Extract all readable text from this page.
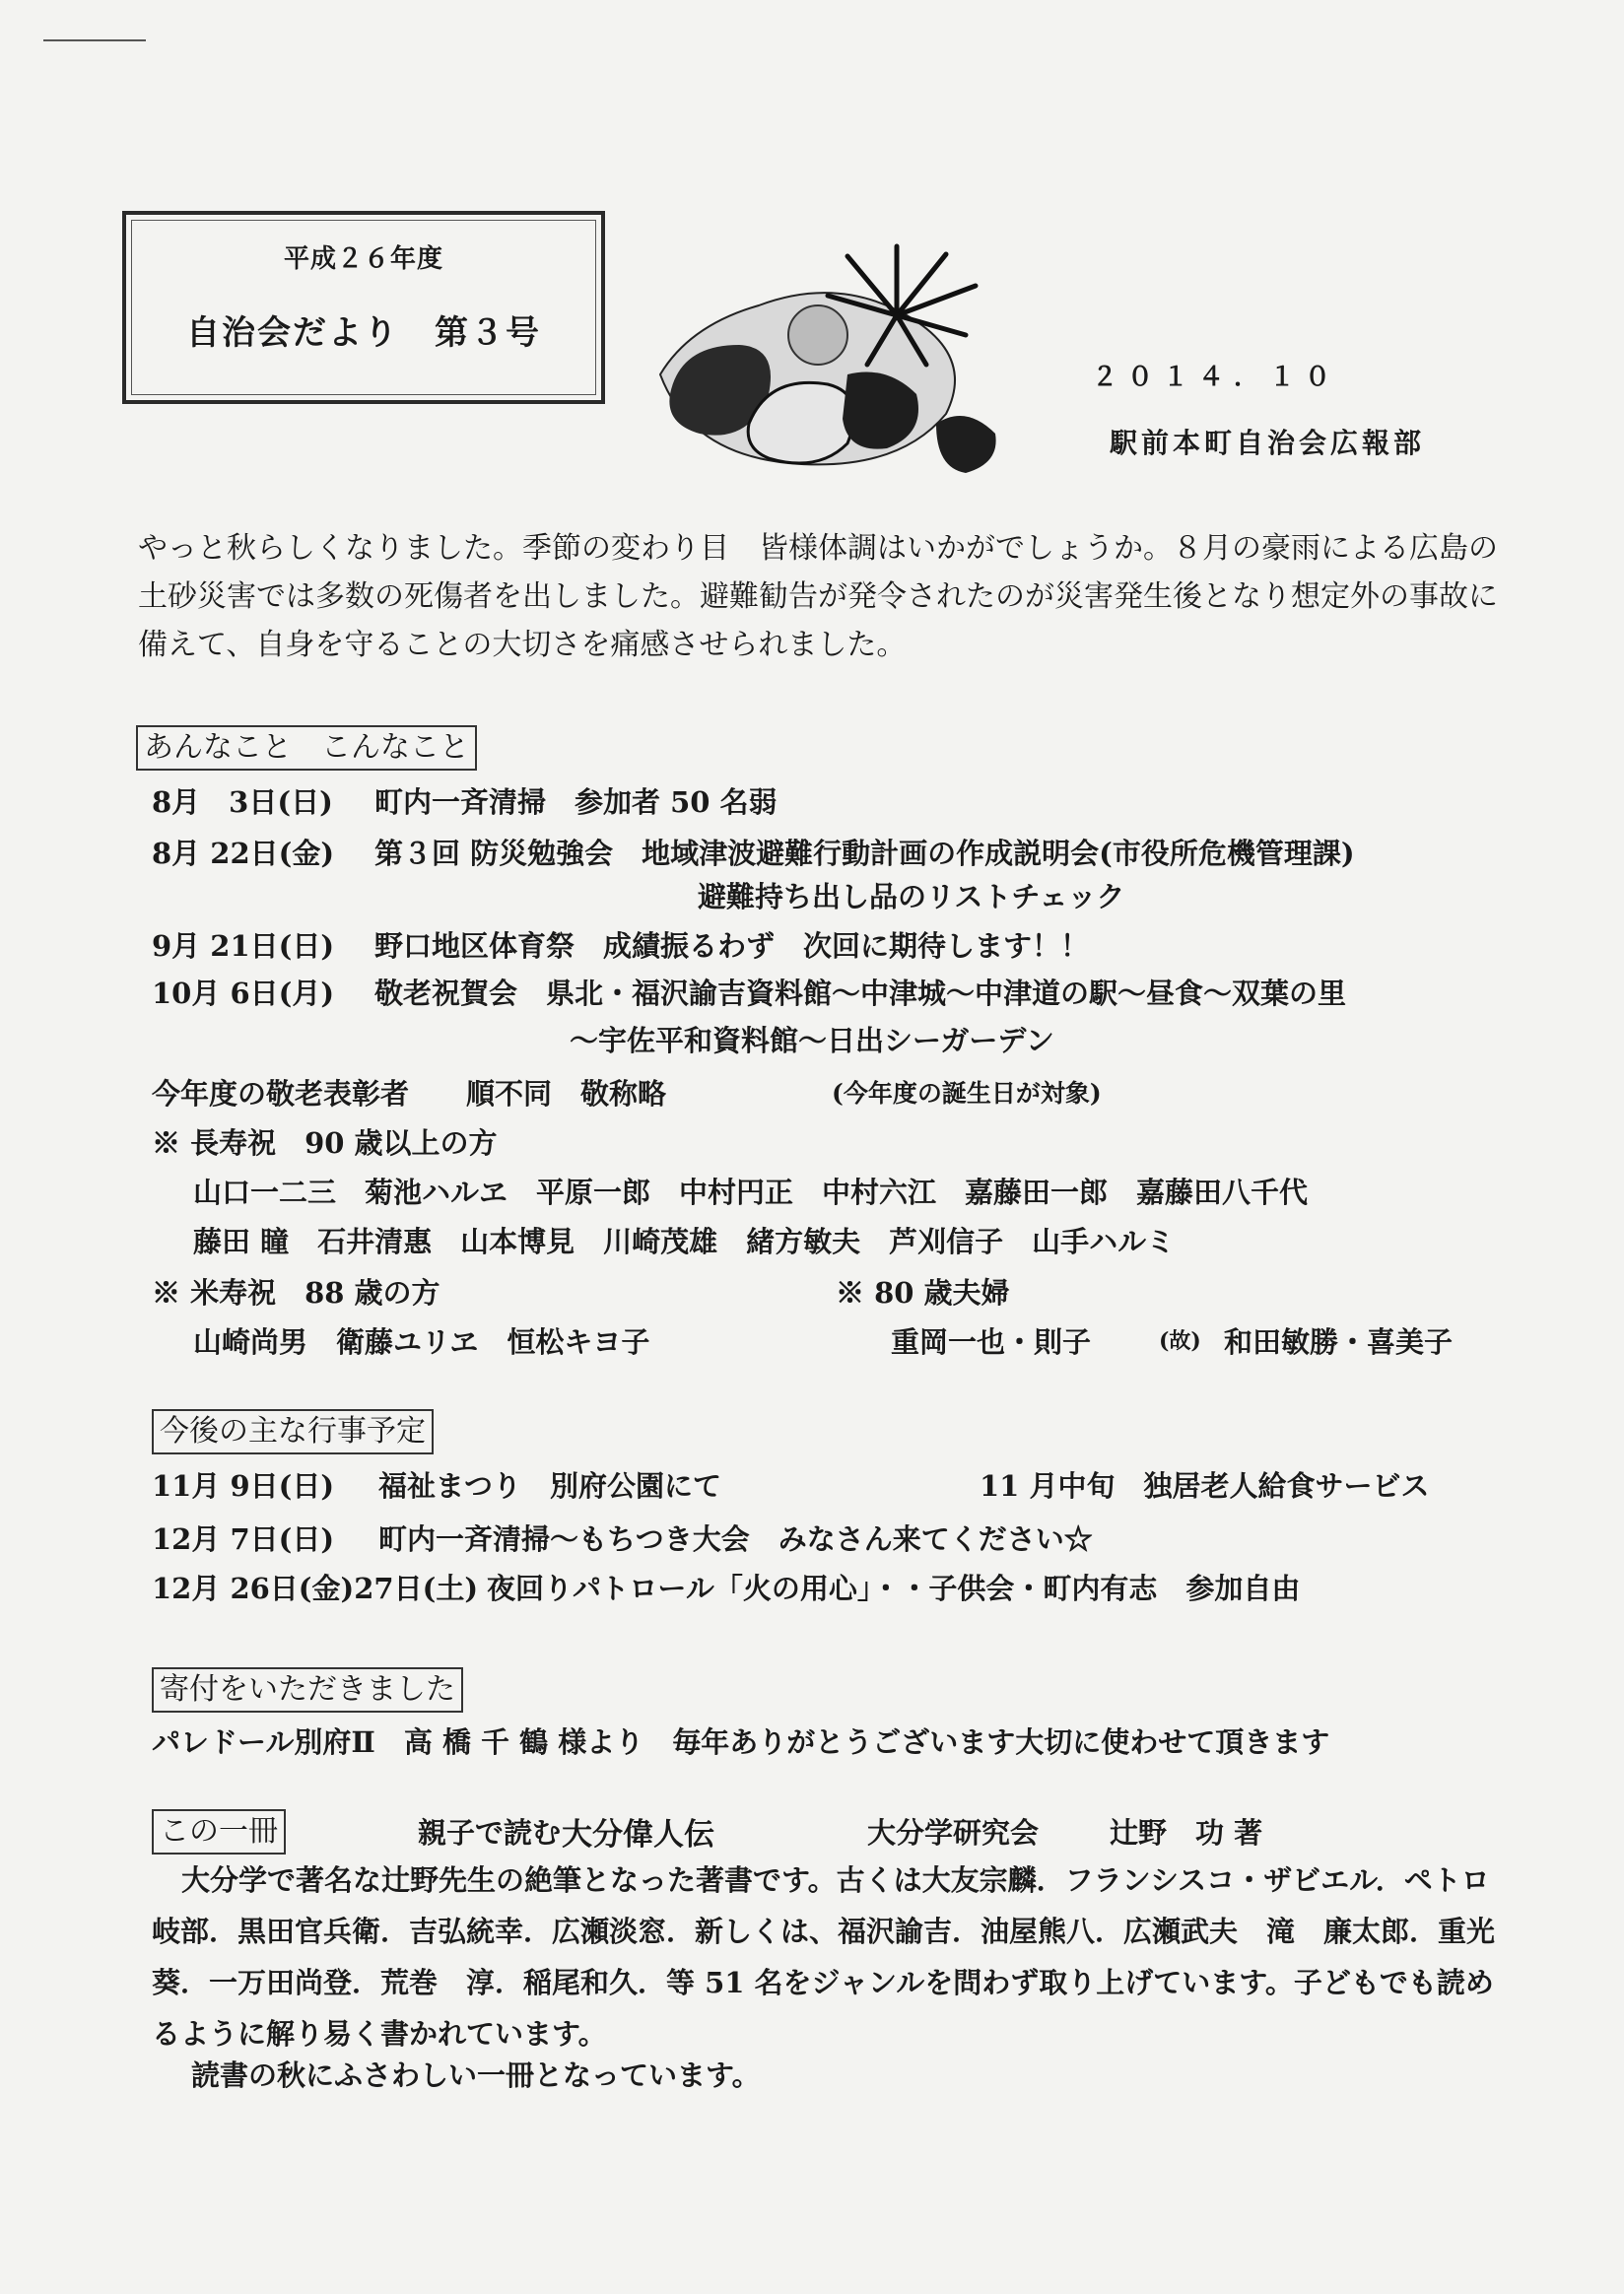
平成２６年度
自治会だより　第３号
２０１４．１０
駅前本町自治会広報部

やっと秋らしくなりました。季節の変わり目　皆様体調はいかがでしょうか。８月の豪雨による広島の土砂災害では多数の死傷者を出しました。避難勧告が発令されたのが災害発生後となり想定外の事故に備えて、自身を守ることの大切さを痛感させられました。

あんなこと　こんなこと
8月　3日(日) 町内一斉清掃　参加者 50 名弱
8月 22日(金) 第３回 防災勉強会　地域津波避難行動計画の作成説明会(市役所危機管理課)
避難持ち出し品のリストチェック
9月 21日(日) 野口地区体育祭　成績振るわず　次回に期待します！！
10月 6日(月) 敬老祝賀会　県北・福沢諭吉資料館～中津城～中津道の駅～昼食～双葉の里
～宇佐平和資料館～日出シーガーデン
今年度の敬老表彰者　　順不同　敬称略	(今年度の誕生日が対象)
※ 長寿祝　90 歳以上の方
山口一二三　菊池ハルヱ　平原一郎　中村円正　中村六江　嘉藤田一郎　嘉藤田八千代
藤田 瞳　石井清惠　山本博見　川崎茂雄　緒方敏夫　芦刈信子　山手ハルミ
※ 米寿祝　88 歳の方	※ 80 歳夫婦
山崎尚男　衛藤ユリヱ　恒松キヨ子	重岡一也・則子	(故) 和田敏勝・喜美子
今後の主な行事予定
11月 9日(日) 福祉まつり　別府公園にて	11 月中旬　独居老人給食サービス
12月 7日(日) 町内一斉清掃～もちつき大会　みなさん来てください☆
12月 26日(金)27日(土) 夜回りパトロール「火の用心」・・子供会・町内有志　参加自由
寄付をいただきました
パレドール別府Ⅱ　高 橋 千 鶴 様より　毎年ありがとうございます大切に使わせて頂きます
この一冊	親子で読む 大分偉人伝	大分学研究会 辻野　功 著

大分学で著名な辻野先生の絶筆となった著書です。古くは大友宗麟．フランシスコ・ザビエル．ペトロ岐部．黒田官兵衛．吉弘統幸．広瀬淡窓．新しくは、福沢諭吉．油屋熊八．広瀬武夫　滝　廉太郎．重光　葵．一万田尚登．荒巻　淳．稲尾和久．等 51 名をジャンルを問わず取り上げています。子どもでも読めるように解り易く書かれています。

読書の秋にふさわしい一冊となっています。
